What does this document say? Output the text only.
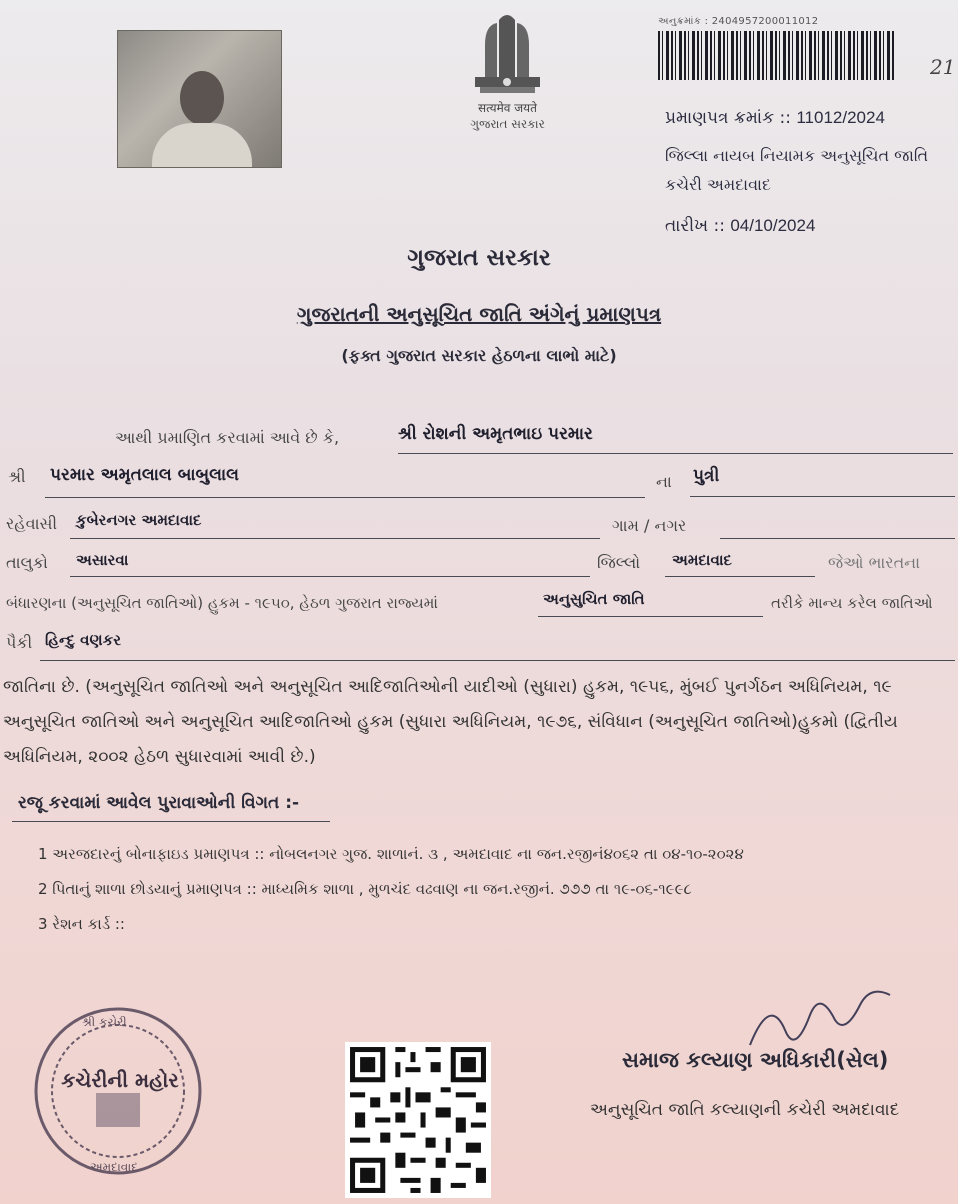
सत्यमेव जयते
ગુજરાત સરકાર
અનુક્રમાંક : 2404957200011012
21
પ્રમાણપત્ર ક્રમાંક :: 11012/2024
જિલ્લા નાયબ નિયામક અનુસૂચિત જાતિ
કચેરી અમદાવાદ
તારીખ :: 04/10/2024
ગુજરાત સરકાર
ગુજરાતની અનુસૂચિત જાતિ અંગેનું પ્રમાણપત્ર
(ફક્ત ગુજરાત સરકાર હેઠળના લાભો માટે)
આથી પ્રમાણિત કરવામાં આવે છે કે,	શ્રી રોશની અમૃતભાઇ પરમાર
શ્રી પરમાર અમૃતલાલ બાબુલાલ	ના પુત્રી
રહેવાસી કુબેરનગર અમદાવાદ	ગામ / નગર
તાલુકો અસારવા	જિલ્લો અમદાવાદ	જેઓ ભારતના
બંધારણના (અનુસૂચિત જાતિઓ) હુકમ - ૧૯૫૦, હેઠળ ગુજરાત રાજ્યમાં	અનુસુચિત જાતિ	તરીકે માન્ય કરેલ જાતિઓ
પૈકી હિન્દુ વણકર
જાતિના છે. (અનુસૂચિત જાતિઓ અને અનુસૂચિત આદિજાતિઓની યાદીઓ (સુધારા) હુકમ, ૧૯૫૬, મુંબઈ પુનર્ગઠન અધિનિયમ, ૧૯
અનુસૂચિત જાતિઓ અને અનુસૂચિત આદિજાતિઓ હુકમ (સુધારા અધિનિયમ, ૧૯૭૬, સંવિધાન (અનુસૂચિત જાતિઓ)હુકમો (દ્વિતીય
અધિનિયમ, ૨૦૦૨ હેઠળ સુધારવામાં આવી છે.)
રજૂ કરવામાં આવેલ પુરાવાઓની વિગત :-
1 અરજદારનું બોનાફાઇડ પ્રમાણપત્ર :: નોબલનગર ગુજ. શાળાનં. ૩ , અમદાવાદ ના જન.રજીનં૪૦૬૨ તા ૦૪-૧૦-૨૦૨૪
2 પિતાનું શાળા છોડયાનું પ્રમાણપત્ર :: માધ્યમિક શાળા , મુળચંદ વઢવાણ ના જન.રજીનં. ૭૭૭ તા ૧૯-૦૬-૧૯૯૮
3 રેશન કાર્ડ ::
શ્રી કચેરી
કચેરીની મહોર
અમદાવાદ
સમાજ કલ્યાણ અધિકારી(સેલ)
અનુસૂચિત જાતિ કલ્યાણની કચેરી અમદાવાદ
